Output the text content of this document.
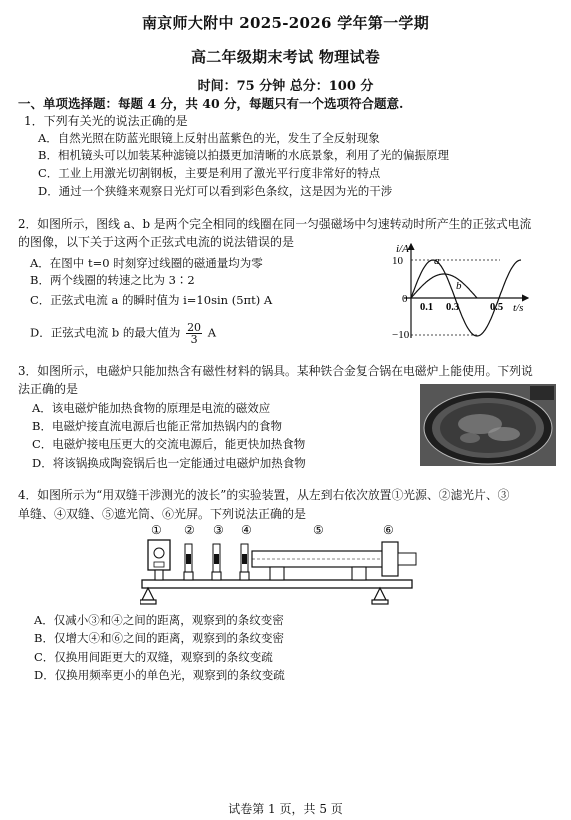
南京师大附中 2025-2026 学年第一学期
高二年级期末考试 物理试卷
时间：75 分钟 总分：100 分
一、单项选择题：每题 4 分，共 40 分，每题只有一个选项符合题意.
1．下列有关光的说法正确的是
A．自然光照在防蓝光眼镜上反射出蓝紫色的光，发生了全反射现象
B．相机镜头可以加装某种滤镜以拍摄更加清晰的水底景象，利用了光的偏振原理
C．工业上用激光切割钢板，主要是利用了激光平行度非常好的特点
D．通过一个狭缝来观察日光灯可以看到彩色条纹，这是因为光的干涉
2．如图所示，图线 a、b 是两个完全相同的线圈在同一匀强磁场中匀速转动时所产生的正弦式电流
的图像，以下关于这两个正弦式电流的说法错误的是
A．在图中 t=0 时刻穿过线圈的磁通量均为零
B．两个线圈的转速之比为 3∶2
C．正弦式电流 a 的瞬时值为 i=10sin (5πt) A
D．正弦式电流 b 的最大值为 $\frac{20}{3}$ A
i/A
10
−10
0
0.1 0.3	0.5 t/s
a
b
3．如图所示，电磁炉只能加热含有磁性材料的锅具。某种铁合金复合锅在电磁炉上能使用。下列说
法正确的是
A．该电磁炉能加热食物的原理是电流的磁效应
B．电磁炉接直流电源后也能正常加热锅内的食物
C．电磁炉接电压更大的交流电源后，能更快加热食物
D．将该锅换成陶瓷锅后也一定能通过电磁炉加热食物
4．如图所示为“用双缝干涉测光的波长”的实验装置，从左到右依次放置①光源、②滤光片、③
单缝、④双缝、⑤遮光筒、⑥光屏。下列说法正确的是
① ② ③ ④	⑤	⑥
A．仅减小③和④之间的距离，观察到的条纹变密
B．仅增大④和⑥之间的距离，观察到的条纹变密
C．仅换用间距更大的双缝，观察到的条纹变疏
D．仅换用频率更小的单色光，观察到的条纹变疏
试卷第 1 页，共 5 页
